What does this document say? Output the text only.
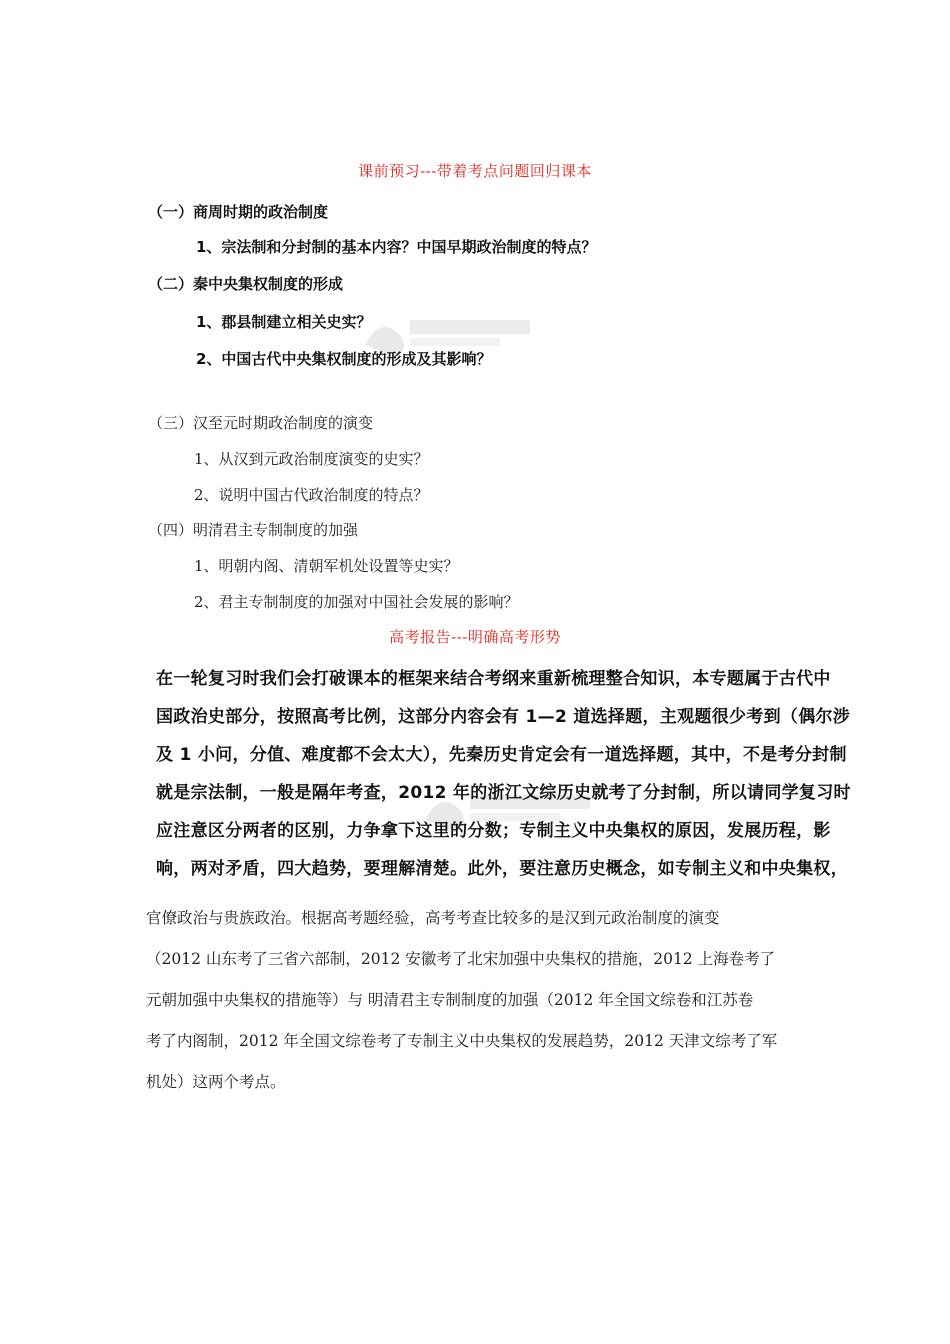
课前预习---带着考点问题回归课本
（一）商周时期的政治制度
1、宗法制和分封制的基本内容？中国早期政治制度的特点？
（二）秦中央集权制度的形成
1、郡县制建立相关史实？
2、中国古代中央集权制度的形成及其影响？
（三）汉至元时期政治制度的演变
1、从汉到元政治制度演变的史实？
2、说明中国古代政治制度的特点？
（四）明清君主专制制度的加强
1、明朝内阁、清朝军机处设置等史实？
2、君主专制制度的加强对中国社会发展的影响？
高考报告---明确高考形势
在一轮复习时我们会打破课本的框架来结合考纲来重新梳理整合知识，本专题属于古代中
国政治史部分，按照高考比例，这部分内容会有 1—2 道选择题，主观题很少考到（偶尔涉
及 1 小问，分值、难度都不会太大），先秦历史肯定会有一道选择题，其中，不是考分封制
就是宗法制，一般是隔年考查，2012 年的浙江文综历史就考了分封制，所以请同学复习时
应注意区分两者的区别，力争拿下这里的分数；专制主义中央集权的原因，发展历程，影
响，两对矛盾，四大趋势，要理解清楚。此外，要注意历史概念，如专制主义和中央集权，
官僚政治与贵族政治。根据高考题经验，高考考查比较多的是汉到元政治制度的演变
（2012 山东考了三省六部制，2012 安徽考了北宋加强中央集权的措施，2012 上海卷考了
元朝加强中央集权的措施等）与 明清君主专制制度的加强（2012 年全国文综卷和江苏卷
考了内阁制，2012 年全国文综卷考了专制主义中央集权的发展趋势，2012 天津文综考了军
机处）这两个考点。
